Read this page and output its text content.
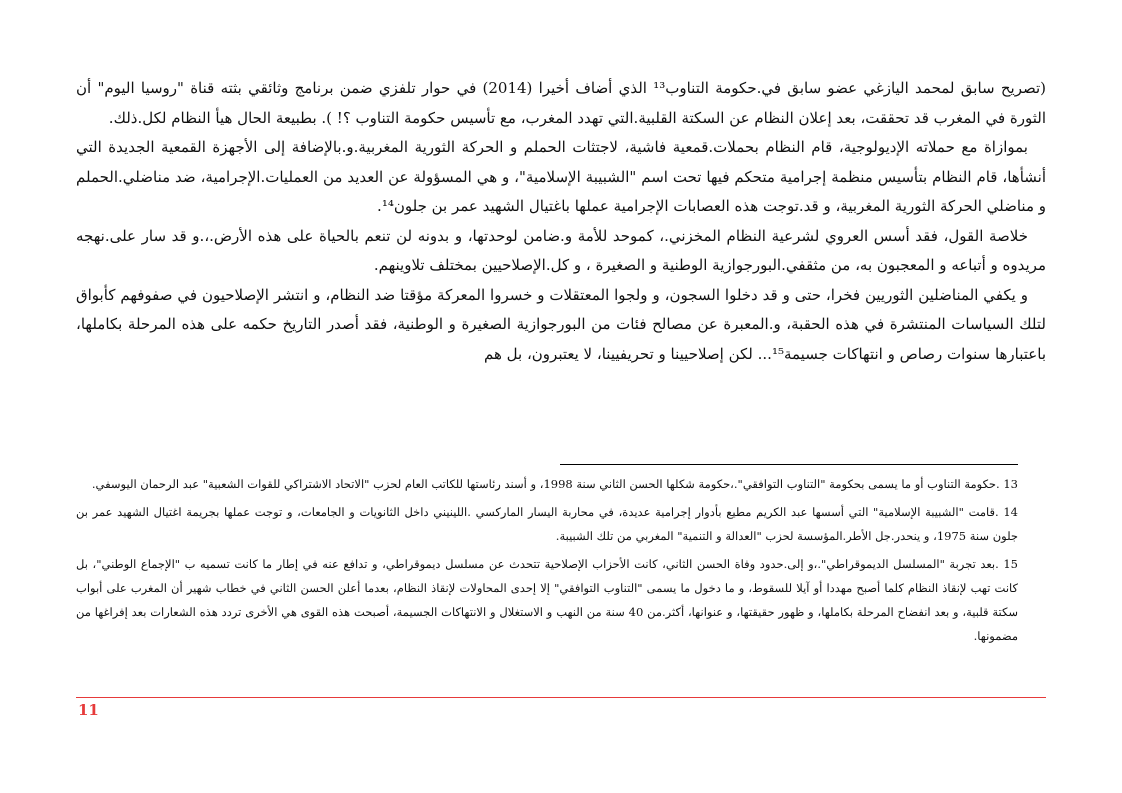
(تصريح سابق لمحمد اليازغي عضو سابق في.حكومة التناوب¹³ الذي أضاف أخيرا (2014) في حوار تلفزي ضمن برنامج وثائقي بثته قناة "روسيا اليوم" أن الثورة في المغرب قد تحققت، بعد إعلان النظام عن السكتة القلبية.التي تهدد المغرب، مع تأسيس حكومة التناوب ؟! ). بطبيعة الحال هيأ النظام لكل.ذلك.

بموازاة مع حملاته الإديولوجية، قام النظام بحملات.قمعية فاشية، لاجتثات الحملم و الحركة الثورية المغربية.و.بالإضافة إلى الأجهزة القمعية الجديدة التي أنشأها، قام النظام بتأسيس منظمة إجرامية متحكم فيها تحت اسم "الشبيبة الإسلامية"، و هي المسؤولة عن العديد من العمليات.الإجرامية، ضد مناضلي.الحملم و مناضلي الحركة الثورية المغربية، و قد.توجت هذه العصابات الإجرامية عملها باغتيال الشهيد عمر بن جلون¹⁴.

خلاصة القول، فقد أسس العروي لشرعية النظام المخزني.، كموحد للأمة و.ضامن لوحدتها، و بدونه لن تنعم بالحياة على هذه الأرض.،.و قد سار على.نهجه مريدوه و أتباعه و المعجبون به، من مثقفي.البورجوازية الوطنية و الصغيرة ، و كل.الإصلاحيين بمختلف تلاوينهم.

و يكفي المناضلين الثوريين فخرا، حتى و قد دخلوا السجون، و ولجوا المعتقلات و خسروا المعركة مؤقتا ضد النظام، و انتشر الإصلاحيون في صفوفهم كأبواق لتلك السياسات المنتشرة في هذه الحقبة، و.المعبرة عن مصالح فئات من البورجوازية الصغيرة و الوطنية، فقد أصدر التاريخ حكمه على هذه المرحلة بكاملها، باعتبارها سنوات رصاص و انتهاكات جسيمة¹⁵... لكن إصلاحيينا و تحريفيينا، لا يعتبرون، بل هم

13 .حكومة التناوب أو ما يسمى بحكومة "التناوب التوافقي".،حكومة شكلها الحسن الثاني سنة 1998، و أسند رئاستها للكاتب العام لحزب "الاتحاد الاشتراكي للقوات الشعبية" عبد الرحمان اليوسفي.

14 .قامت "الشبيبة الإسلامية" التي أسسها عبد الكريم مطيع بأدوار إجرامية عديدة، في محاربة اليسار الماركسي .اللينيني داخل الثانويات و الجامعات، و توجت عملها بجريمة اغتيال الشهيد عمر بن جلون سنة 1975، و ينحدر.جل الأطر.المؤسسة لحزب "العدالة و التنمية" المغربي من تلك الشبيبة.

15 .بعد تجربة "المسلسل الديموقراطي".،و إلى.حدود وفاة الحسن الثاني، كانت الأحزاب الإصلاحية تتحدث عن مسلسل ديموقراطي، و تدافع عنه في إطار ما كانت تسميه ب "الإجماع الوطني"، بل كانت تهب لإنقاذ النظام كلما أصبح مهددا أو آيلا للسقوط، و ما دخول ما يسمى "التناوب التوافقي" إلا إحدى المحاولات لإنقاذ النظام، بعدما أعلن الحسن الثاني في خطاب شهير أن المغرب على أبواب سكتة قلبية، و بعد انفضاح المرحلة بكاملها، و ظهور حقيقتها، و عنوانها، أكثر.من 40 سنة من النهب و الاستغلال و الانتهاكات الجسيمة، أصبحت هذه القوى هي الأخرى تردد هذه الشعارات بعد إفراغها من مضمونها.

11
